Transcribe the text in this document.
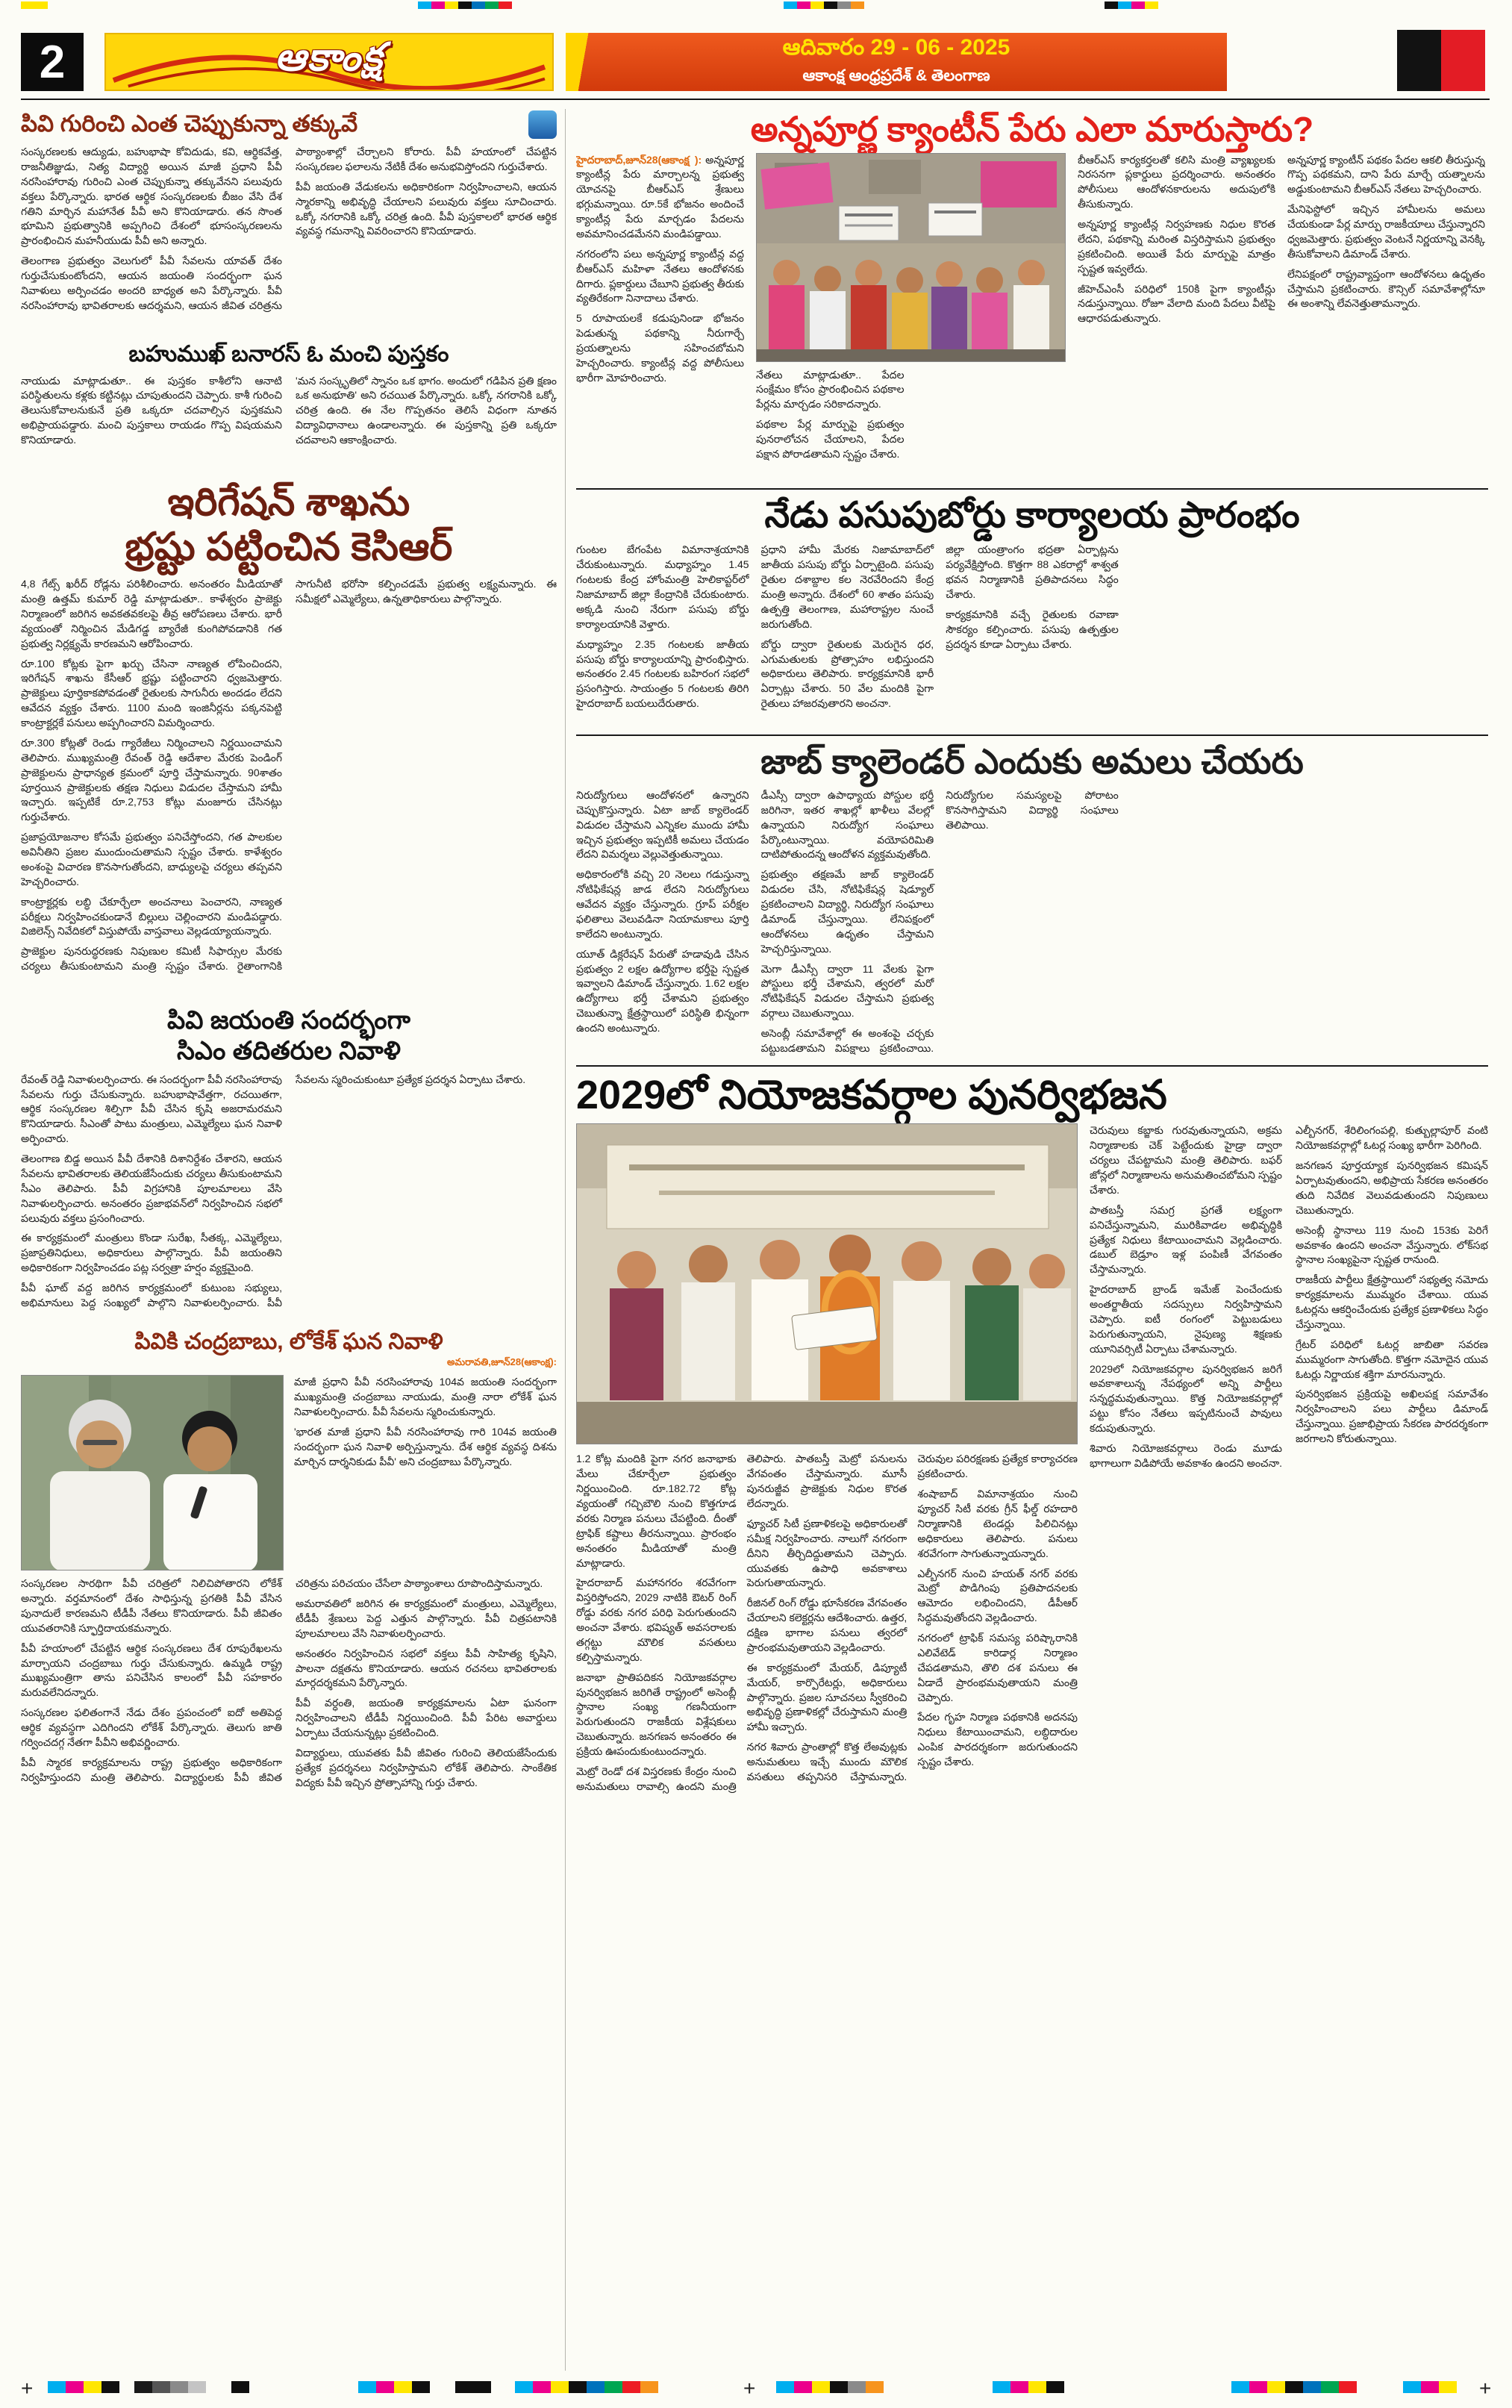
2	ఆకాంక్ష	ఆదివారం 29 - 06 - 2025
ఆకాంక్ష ఆంధ్రప్రదేశ్ & తెలంగాణ
పివి గురించి ఎంత చెప్పుకున్నా తక్కువే

సంస్కరణలకు ఆద్యుడు, బహుభాషా కోవిదుడు, కవి, ఆర్థికవేత్త, రాజనీతిజ్ఞుడు, నిత్య విద్యార్థి అయిన మాజీ ప్రధాని పీవీ నరసింహారావు గురించి ఎంత చెప్పుకున్నా తక్కువేనని పలువురు వక్తలు పేర్కొన్నారు. భారత ఆర్థిక సంస్కరణలకు బీజం వేసి దేశ గతిని మార్చిన మహానేత పీవీ అని కొనియాడారు. తన సొంత భూమిని ప్రభుత్వానికి అప్పగించి దేశంలో భూసంస్కరణలను ప్రారంభించిన మహనీయుడు పీవీ అని అన్నారు.

తెలంగాణ ప్రభుత్వం వెలుగులో పీవీ సేవలను యావత్ దేశం గుర్తుచేసుకుంటోందని, ఆయన జయంతి సందర్భంగా ఘన నివాళులు అర్పించడం అందరి బాధ్యత అని పేర్కొన్నారు. పీవీ నరసింహారావు భావితరాలకు ఆదర్శమని, ఆయన జీవిత చరిత్రను పాఠ్యాంశాల్లో చేర్చాలని కోరారు. పీవీ హయాంలో చేపట్టిన సంస్కరణల ఫలాలను నేటికీ దేశం అనుభవిస్తోందని గుర్తుచేశారు.

పీవీ జయంతి వేడుకలను అధికారికంగా నిర్వహించాలని, ఆయన స్మారకాన్ని అభివృద్ధి చేయాలని పలువురు వక్తలు సూచించారు. ఒక్కో నగరానికి ఒక్కో చరిత్ర ఉంది. పీవీ పుస్తకాలలో భారత ఆర్థిక వ్యవస్థ గమనాన్ని వివరించారని కొనియాడారు.

బహుముఖ్ బనారస్ ఓ మంచి పుస్తకం

నాయుడు మాట్లాడుతూ.. ఈ పుస్తకం కాశీలోని ఆనాటి పరిస్థితులను కళ్లకు కట్టినట్లు చూపుతుందని చెప్పారు. కాశీ గురించి తెలుసుకోవాలనుకునే ప్రతి ఒక్కరూ చదవాల్సిన పుస్తకమని అభిప్రాయపడ్డారు. మంచి పుస్తకాలు రాయడం గొప్ప విషయమని కొనియాడారు.

'మన సంస్కృతిలో స్నానం ఒక భాగం. అందులో గడిపిన ప్రతి క్షణం ఒక అనుభూతి' అని రచయిత పేర్కొన్నారు. ఒక్కో నగరానికి ఒక్కో చరిత్ర ఉంది. ఈ నేల గొప్పతనం తెలిసే విధంగా నూతన విద్యావిధానాలు ఉండాలన్నారు. ఈ పుస్తకాన్ని ప్రతి ఒక్కరూ చదవాలని ఆకాంక్షించారు.

ఇరిగేషన్ శాఖను
భ్రష్టు పట్టించిన కెసిఆర్

4,8 గేట్స్ ఖరీద్ రోడ్లను పరిశీలించారు. అనంతరం మీడియాతో మంత్రి ఉత్తమ్ కుమార్ రెడ్డి మాట్లాడుతూ.. కాళేశ్వరం ప్రాజెక్టు నిర్మాణంలో జరిగిన అవకతవకలపై తీవ్ర ఆరోపణలు చేశారు. భారీ వ్యయంతో నిర్మించిన మేడిగడ్డ బ్యారేజీ కుంగిపోవడానికి గత ప్రభుత్వ నిర్లక్ష్యమే కారణమని ఆరోపించారు.

రూ.100 కోట్లకు పైగా ఖర్చు చేసినా నాణ్యత లోపించిందని, ఇరిగేషన్ శాఖను కేసీఆర్ భ్రష్టు పట్టించారని ధ్వజమెత్తారు. ప్రాజెక్టులు పూర్తికాకపోవడంతో రైతులకు సాగునీరు అందడం లేదని ఆవేదన వ్యక్తం చేశారు. 1100 మంది ఇంజినీర్లను పక్కనపెట్టి కాంట్రాక్టర్లకే పనులు అప్పగించారని విమర్శించారు.

రూ.300 కోట్లతో రెండు గ్యారేజీలు నిర్మించాలని నిర్ణయించామని తెలిపారు. ముఖ్యమంత్రి రేవంత్ రెడ్డి ఆదేశాల మేరకు పెండింగ్ ప్రాజెక్టులను ప్రాధాన్యత క్రమంలో పూర్తి చేస్తామన్నారు. 90శాతం పూర్తయిన ప్రాజెక్టులకు తక్షణ నిధులు విడుదల చేస్తామని హామీ ఇచ్చారు. ఇప్పటికే రూ.2,753 కోట్లు మంజూరు చేసినట్లు గుర్తుచేశారు.

ప్రజాప్రయోజనాల కోసమే ప్రభుత్వం పనిచేస్తోందని, గత పాలకుల అవినీతిని ప్రజల ముందుంచుతామని స్పష్టం చేశారు. కాళేశ్వరం అంశంపై విచారణ కొనసాగుతోందని, బాధ్యులపై చర్యలు తప్పవని హెచ్చరించారు.

కాంట్రాక్టర్లకు లబ్ధి చేకూర్చేలా అంచనాలు పెంచారని, నాణ్యత పరీక్షలు నిర్వహించకుండానే బిల్లులు చెల్లించారని మండిపడ్డారు. విజిలెన్స్ నివేదికలో విస్తుపోయే వాస్తవాలు వెల్లడయ్యాయన్నారు.

ప్రాజెక్టుల పునరుద్ధరణకు నిపుణుల కమిటీ సిఫార్సుల మేరకు చర్యలు తీసుకుంటామని మంత్రి స్పష్టం చేశారు. రైతాంగానికి సాగునీటి భరోసా కల్పించడమే ప్రభుత్వ లక్ష్యమన్నారు. ఈ సమీక్షలో ఎమ్మెల్యేలు, ఉన్నతాధికారులు పాల్గొన్నారు.

పివి జయంతి సందర్భంగా
సిఎం తదితరుల నివాళి

రేవంత్ రెడ్డి నివాళులర్పించారు. ఈ సందర్భంగా పీవీ నరసింహారావు సేవలను గుర్తు చేసుకున్నారు. బహుభాషావేత్తగా, రచయితగా, ఆర్థిక సంస్కరణల శిల్పిగా పీవీ చేసిన కృషి అజరామరమని కొనియాడారు. సీఎంతో పాటు మంత్రులు, ఎమ్మెల్యేలు ఘన నివాళి అర్పించారు.

తెలంగాణ బిడ్డ అయిన పీవీ దేశానికి దిశానిర్దేశం చేశారని, ఆయన సేవలను భావితరాలకు తెలియజేసేందుకు చర్యలు తీసుకుంటామని సీఎం తెలిపారు. పీవీ విగ్రహానికి పూలమాలలు వేసి నివాళులర్పించారు. అనంతరం ప్రజాభవన్‌లో నిర్వహించిన సభలో పలువురు వక్తలు ప్రసంగించారు.

ఈ కార్యక్రమంలో మంత్రులు కొండా సురేఖ, సీతక్క, ఎమ్మెల్యేలు, ప్రజాప్రతినిధులు, అధికారులు పాల్గొన్నారు. పీవీ జయంతిని అధికారికంగా నిర్వహించడం పట్ల సర్వత్రా హర్షం వ్యక్తమైంది.

పీవీ ఘాట్ వద్ద జరిగిన కార్యక్రమంలో కుటుంబ సభ్యులు, అభిమానులు పెద్ద సంఖ్యలో పాల్గొని నివాళులర్పించారు. పీవీ సేవలను స్మరించుకుంటూ ప్రత్యేక ప్రదర్శన ఏర్పాటు చేశారు.

పివికి చంద్రబాబు, లోకేశ్ ఘన నివాళి
అమరావతి,జూన్28(ఆకాంక్ష):

మాజీ ప్రధాని పీవీ నరసింహారావు 104వ జయంతి సందర్భంగా ముఖ్యమంత్రి చంద్రబాబు నాయుడు, మంత్రి నారా లోకేశ్ ఘన నివాళులర్పించారు. పీవీ సేవలను స్మరించుకున్నారు.

'భారత మాజీ ప్రధాని పీవీ నరసింహారావు గారి 104వ జయంతి సందర్భంగా ఘన నివాళి అర్పిస్తున్నాను. దేశ ఆర్థిక వ్యవస్థ దిశను మార్చిన దార్శనికుడు పీవీ' అని చంద్రబాబు పేర్కొన్నారు.

సంస్కరణల సారథిగా పీవీ చరిత్రలో నిలిచిపోతారని లోకేశ్ అన్నారు. వర్తమానంలో దేశం సాధిస్తున్న ప్రగతికి పీవీ వేసిన పునాదులే కారణమని టీడీపీ నేతలు కొనియాడారు. పీవీ జీవితం యువతరానికి స్ఫూర్తిదాయకమన్నారు.

పీవీ హయాంలో చేపట్టిన ఆర్థిక సంస్కరణలు దేశ రూపురేఖలను మార్చాయని చంద్రబాబు గుర్తు చేసుకున్నారు. ఉమ్మడి రాష్ట్ర ముఖ్యమంత్రిగా తాను పనిచేసిన కాలంలో పీవీ సహకారం మరువలేనిదన్నారు.

సంస్కరణల ఫలితంగానే నేడు దేశం ప్రపంచంలో ఐదో అతిపెద్ద ఆర్థిక వ్యవస్థగా ఎదిగిందని లోకేశ్ పేర్కొన్నారు. తెలుగు జాతి గర్వించదగ్గ నేతగా పీవీని అభివర్ణించారు.

పీవీ స్మారక కార్యక్రమాలను రాష్ట్ర ప్రభుత్వం అధికారికంగా నిర్వహిస్తుందని మంత్రి తెలిపారు. విద్యార్థులకు పీవీ జీవిత చరిత్రను పరిచయం చేసేలా పాఠ్యాంశాలు రూపొందిస్తామన్నారు.

అమరావతిలో జరిగిన ఈ కార్యక్రమంలో మంత్రులు, ఎమ్మెల్యేలు, టీడీపీ శ్రేణులు పెద్ద ఎత్తున పాల్గొన్నారు. పీవీ చిత్రపటానికి పూలమాలలు వేసి నివాళులర్పించారు.

అనంతరం నిర్వహించిన సభలో వక్తలు పీవీ సాహిత్య కృషిని, పాలనా దక్షతను కొనియాడారు. ఆయన రచనలు భావితరాలకు మార్గదర్శకమని పేర్కొన్నారు.

పీవీ వర్ధంతి, జయంతి కార్యక్రమాలను ఏటా ఘనంగా నిర్వహించాలని టీడీపీ నిర్ణయించింది. పీవీ పేరిట అవార్డులు ఏర్పాటు చేయనున్నట్లు ప్రకటించింది.

విద్యార్థులు, యువతకు పీవీ జీవితం గురించి తెలియజేసేందుకు ప్రత్యేక ప్రదర్శనలు నిర్వహిస్తామని లోకేశ్ తెలిపారు. సాంకేతిక విద్యకు పీవీ ఇచ్చిన ప్రోత్సాహాన్ని గుర్తు చేశారు.

అన్నపూర్ణ క్యాంటీన్ పేరు ఎలా మారుస్తారు?

హైదరాబాద్,జూన్28(ఆకాంక్ష ): అన్నపూర్ణ క్యాంటీన్ల పేరు మార్చాలన్న ప్రభుత్వ యోచనపై బీఆర్ఎస్ శ్రేణులు భగ్గుమన్నాయి. రూ.5కే భోజనం అందించే క్యాంటీన్ల పేరు మార్చడం పేదలను అవమానించడమేనని మండిపడ్డాయి.

నగరంలోని పలు అన్నపూర్ణ క్యాంటీన్ల వద్ద బీఆర్ఎస్ మహిళా నేతలు ఆందోళనకు దిగారు. ప్లకార్డులు చేబూని ప్రభుత్వ తీరుకు వ్యతిరేకంగా నినాదాలు చేశారు.

5 రూపాయలకే కడుపునిండా భోజనం పెడుతున్న పథకాన్ని నీరుగార్చే ప్రయత్నాలను సహించబోమని హెచ్చరించారు. క్యాంటీన్ల వద్ద పోలీసులు భారీగా మోహరించారు.	నేతలు మాట్లాడుతూ.. పేదల సంక్షేమం కోసం ప్రారంభించిన పథకాల పేర్లను మార్చడం సరికాదన్నారు.

పథకాల పేర్ల మార్పుపై ప్రభుత్వం పునరాలోచన చేయాలని, పేదల పక్షాన పోరాడతామని స్పష్టం చేశారు.

బీఆర్ఎస్ కార్యకర్తలతో కలిసి మంత్రి వ్యాఖ్యలకు నిరసనగా ప్లకార్డులు ప్రదర్శించారు. అనంతరం పోలీసులు ఆందోళనకారులను అదుపులోకి తీసుకున్నారు.

అన్నపూర్ణ క్యాంటీన్ల నిర్వహణకు నిధుల కొరత లేదని, పథకాన్ని మరింత విస్తరిస్తామని ప్రభుత్వం ప్రకటించింది. అయితే పేరు మార్పుపై మాత్రం స్పష్టత ఇవ్వలేదు.

జీహెచ్ఎంసీ పరిధిలో 150కి పైగా క్యాంటీన్లు నడుస్తున్నాయి. రోజూ వేలాది మంది పేదలు వీటిపై ఆధారపడుతున్నారు.

అన్నపూర్ణ క్యాంటీన్ పథకం పేదల ఆకలి తీరుస్తున్న గొప్ప పథకమని, దాని పేరు మార్చే యత్నాలను అడ్డుకుంటామని బీఆర్ఎస్ నేతలు హెచ్చరించారు.

మేనిఫెస్టోలో ఇచ్చిన హామీలను అమలు చేయకుండా పేర్ల మార్పు రాజకీయాలు చేస్తున్నారని ధ్వజమెత్తారు. ప్రభుత్వం వెంటనే నిర్ణయాన్ని వెనక్కి తీసుకోవాలని డిమాండ్ చేశారు.

లేనిపక్షంలో రాష్ట్రవ్యాప్తంగా ఆందోళనలు ఉధృతం చేస్తామని ప్రకటించారు. కౌన్సిల్ సమావేశాల్లోనూ ఈ అంశాన్ని లేవనెత్తుతామన్నారు.

నేడు పసుపుబోర్డు కార్యాలయ ప్రారంభం

గుంటల బేగంపేట విమానాశ్రయానికి చేరుకుంటున్నారు. మధ్యాహ్నం 1.45 గంటలకు కేంద్ర హోంమంత్రి హెలికాప్టర్‌లో నిజామాబాద్ జిల్లా కేంద్రానికి చేరుకుంటారు. అక్కడి నుంచి నేరుగా పసుపు బోర్డు కార్యాలయానికి వెళ్తారు.

మధ్యాహ్నం 2.35 గంటలకు జాతీయ పసుపు బోర్డు కార్యాలయాన్ని ప్రారంభిస్తారు. అనంతరం 2.45 గంటలకు బహిరంగ సభలో ప్రసంగిస్తారు. సాయంత్రం 5 గంటలకు తిరిగి హైదరాబాద్ బయలుదేరుతారు.

ప్రధాని హామీ మేరకు నిజామాబాద్‌లో జాతీయ పసుపు బోర్డు ఏర్పాటైంది. పసుపు రైతుల దశాబ్దాల కల నెరవేరిందని కేంద్ర మంత్రి అన్నారు. దేశంలో 60 శాతం పసుపు ఉత్పత్తి తెలంగాణ, మహారాష్ట్రల నుంచే జరుగుతోంది.

బోర్డు ద్వారా రైతులకు మెరుగైన ధర, ఎగుమతులకు ప్రోత్సాహం లభిస్తుందని అధికారులు తెలిపారు. కార్యక్రమానికి భారీ ఏర్పాట్లు చేశారు. 50 వేల మందికి పైగా రైతులు హాజరవుతారని అంచనా.

జిల్లా యంత్రాంగం భద్రతా ఏర్పాట్లను పర్యవేక్షిస్తోంది. కొత్తగా 88 ఎకరాల్లో శాశ్వత భవన నిర్మాణానికి ప్రతిపాదనలు సిద్ధం చేశారు.

కార్యక్రమానికి వచ్చే రైతులకు రవాణా సౌకర్యం కల్పించారు. పసుపు ఉత్పత్తుల ప్రదర్శన కూడా ఏర్పాటు చేశారు.

జాబ్ క్యాలెండర్ ఎందుకు అమలు చేయరు

నిరుద్యోగులు ఆందోళనలో ఉన్నారని చెప్పుకొస్తున్నారు. ఏటా జాబ్ క్యాలెండర్ విడుదల చేస్తామని ఎన్నికల ముందు హామీ ఇచ్చిన ప్రభుత్వం ఇప్పటికీ అమలు చేయడం లేదని విమర్శలు వెల్లువెత్తుతున్నాయి.

అధికారంలోకి వచ్చి 20 నెలలు గడుస్తున్నా నోటిఫికేషన్ల జాడ లేదని నిరుద్యోగులు ఆవేదన వ్యక్తం చేస్తున్నారు. గ్రూప్ పరీక్షల ఫలితాలు వెలువడినా నియామకాలు పూర్తి కాలేదని అంటున్నారు.

యూత్ డిక్లరేషన్ పేరుతో హడావుడి చేసిన ప్రభుత్వం 2 లక్షల ఉద్యోగాల భర్తీపై స్పష్టత ఇవ్వాలని డిమాండ్ చేస్తున్నారు. 1.62 లక్షల ఉద్యోగాలు భర్తీ చేశామని ప్రభుత్వం చెబుతున్నా క్షేత్రస్థాయిలో పరిస్థితి భిన్నంగా ఉందని అంటున్నారు.

డీఎస్సీ ద్వారా ఉపాధ్యాయ పోస్టుల భర్తీ జరిగినా, ఇతర శాఖల్లో ఖాళీలు వేలల్లో ఉన్నాయని నిరుద్యోగ సంఘాలు పేర్కొంటున్నాయి. వయోపరిమితి దాటిపోతుందన్న ఆందోళన వ్యక్తమవుతోంది.

ప్రభుత్వం తక్షణమే జాబ్ క్యాలెండర్ విడుదల చేసి, నోటిఫికేషన్ల షెడ్యూల్ ప్రకటించాలని విద్యార్థి, నిరుద్యోగ సంఘాలు డిమాండ్ చేస్తున్నాయి. లేనిపక్షంలో ఆందోళనలు ఉధృతం చేస్తామని హెచ్చరిస్తున్నాయి.

మెగా డీఎస్సీ ద్వారా 11 వేలకు పైగా పోస్టులు భర్తీ చేశామని, త్వరలో మరో నోటిఫికేషన్ విడుదల చేస్తామని ప్రభుత్వ వర్గాలు చెబుతున్నాయి.

అసెంబ్లీ సమావేశాల్లో ఈ అంశంపై చర్చకు పట్టుబడతామని విపక్షాలు ప్రకటించాయి. నిరుద్యోగుల సమస్యలపై పోరాటం కొనసాగిస్తామని విద్యార్థి సంఘాలు తెలిపాయి.

2029లో నియోజకవర్గాల పునర్విభజన

1.2 కోట్ల మందికి పైగా నగర జనాభాకు మేలు చేకూర్చేలా ప్రభుత్వం నిర్ణయించింది. రూ.182.72 కోట్ల వ్యయంతో గచ్చిబౌలి నుంచి కొత్తగూడ వరకు నిర్మాణ పనులు చేపట్టింది. దీంతో ట్రాఫిక్ కష్టాలు తీరనున్నాయి. ప్రారంభం అనంతరం మీడియాతో మంత్రి మాట్లాడారు.

హైదరాబాద్ మహానగరం శరవేగంగా విస్తరిస్తోందని, 2029 నాటికి ఔటర్ రింగ్ రోడ్డు వరకు నగర పరిధి పెరుగుతుందని అంచనా వేశారు. భవిష్యత్ అవసరాలకు తగ్గట్టు మౌలిక వసతులు కల్పిస్తామన్నారు.

జనాభా ప్రాతిపదికన నియోజకవర్గాల పునర్విభజన జరిగితే రాష్ట్రంలో అసెంబ్లీ స్థానాల సంఖ్య గణనీయంగా పెరుగుతుందని రాజకీయ విశ్లేషకులు చెబుతున్నారు. జనగణన అనంతరం ఈ ప్రక్రియ ఊపందుకుంటుందన్నారు.

మెట్రో రెండో దశ విస్తరణకు కేంద్రం నుంచి అనుమతులు రావాల్సి ఉందని మంత్రి తెలిపారు. పాతబస్తీ మెట్రో పనులను వేగవంతం చేస్తామన్నారు. మూసీ పునరుజ్జీవ ప్రాజెక్టుకు నిధుల కొరత లేదన్నారు.

ఫ్యూచర్ సిటీ ప్రణాళికలపై అధికారులతో సమీక్ష నిర్వహించారు. నాలుగో నగరంగా దీనిని తీర్చిదిద్దుతామని చెప్పారు. యువతకు ఉపాధి అవకాశాలు పెరుగుతాయన్నారు.

రీజినల్ రింగ్ రోడ్డు భూసేకరణ వేగవంతం చేయాలని కలెక్టర్లను ఆదేశించారు. ఉత్తర, దక్షిణ భాగాల పనులు త్వరలో ప్రారంభమవుతాయని వెల్లడించారు.

ఈ కార్యక్రమంలో మేయర్, డిప్యూటీ మేయర్, కార్పొరేటర్లు, అధికారులు పాల్గొన్నారు. ప్రజల సూచనలు స్వీకరించి అభివృద్ధి ప్రణాళికల్లో చేరుస్తామని మంత్రి హామీ ఇచ్చారు.

నగర శివారు ప్రాంతాల్లో కొత్త లేఅవుట్లకు అనుమతులు ఇచ్చే ముందు మౌలిక వసతులు తప్పనిసరి చేస్తామన్నారు. చెరువుల పరిరక్షణకు ప్రత్యేక కార్యాచరణ ప్రకటించారు.

శంషాబాద్ విమానాశ్రయం నుంచి ఫ్యూచర్ సిటీ వరకు గ్రీన్ ఫీల్డ్ రహదారి నిర్మాణానికి టెండర్లు పిలిచినట్లు అధికారులు తెలిపారు. పనులు శరవేగంగా సాగుతున్నాయన్నారు.

ఎల్బీనగర్ నుంచి హయత్ నగర్ వరకు మెట్రో పొడిగింపు ప్రతిపాదనలకు ఆమోదం లభించిందని, డీపీఆర్ సిద్ధమవుతోందని వెల్లడించారు.

నగరంలో ట్రాఫిక్ సమస్య పరిష్కారానికి ఎలివేటెడ్ కారిడార్ల నిర్మాణం చేపడతామని, తొలి దశ పనులు ఈ ఏడాదే ప్రారంభమవుతాయని మంత్రి చెప్పారు.

పేదల గృహ నిర్మాణ పథకానికి అదనపు నిధులు కేటాయించామని, లబ్ధిదారుల ఎంపిక పారదర్శకంగా జరుగుతుందని స్పష్టం చేశారు.

చెరువులు కబ్జాకు గురవుతున్నాయని, అక్రమ నిర్మాణాలకు చెక్ పెట్టేందుకు హైడ్రా ద్వారా చర్యలు చేపట్టామని మంత్రి తెలిపారు. బఫర్ జోన్లలో నిర్మాణాలను అనుమతించబోమని స్పష్టం చేశారు.

పాతబస్తీ సమగ్ర ప్రగతే లక్ష్యంగా పనిచేస్తున్నామని, మురికివాడల అభివృద్ధికి ప్రత్యేక నిధులు కేటాయించామని వెల్లడించారు. డబుల్ బెడ్రూం ఇళ్ల పంపిణీ వేగవంతం చేస్తామన్నారు.

హైదరాబాద్ బ్రాండ్ ఇమేజ్ పెంచేందుకు అంతర్జాతీయ సదస్సులు నిర్వహిస్తామని చెప్పారు. ఐటీ రంగంలో పెట్టుబడులు పెరుగుతున్నాయని, నైపుణ్య శిక్షణకు యూనివర్సిటీ ఏర్పాటు చేశామన్నారు.

2029లో నియోజకవర్గాల పునర్విభజన జరిగే అవకాశాలున్న నేపథ్యంలో అన్ని పార్టీలు సన్నద్ధమవుతున్నాయి. కొత్త నియోజకవర్గాల్లో పట్టు కోసం నేతలు ఇప్పటినుంచే పావులు కదుపుతున్నారు.

శివారు నియోజకవర్గాలు రెండు మూడు భాగాలుగా విడిపోయే అవకాశం ఉందని అంచనా. ఎల్బీనగర్, శేరిలింగంపల్లి, కుత్బుల్లాపూర్ వంటి నియోజకవర్గాల్లో ఓటర్ల సంఖ్య భారీగా పెరిగింది.

జనగణన పూర్తయ్యాక పునర్విభజన కమిషన్ ఏర్పాటవుతుందని, అభిప్రాయ సేకరణ అనంతరం తుది నివేదిక వెలువడుతుందని నిపుణులు చెబుతున్నారు.

అసెంబ్లీ స్థానాలు 119 నుంచి 153కు పెరిగే అవకాశం ఉందని అంచనా వేస్తున్నారు. లోక్‌సభ స్థానాల సంఖ్యపైనా స్పష్టత రానుంది.

రాజకీయ పార్టీలు క్షేత్రస్థాయిలో సభ్యత్వ నమోదు కార్యక్రమాలను ముమ్మరం చేశాయి. యువ ఓటర్లను ఆకర్షించేందుకు ప్రత్యేక ప్రణాళికలు సిద్ధం చేస్తున్నాయి.

గ్రేటర్ పరిధిలో ఓటర్ల జాబితా సవరణ ముమ్మరంగా సాగుతోంది. కొత్తగా నమోదైన యువ ఓటర్లు నిర్ణాయక శక్తిగా మారనున్నారు.

పునర్విభజన ప్రక్రియపై అఖిలపక్ష సమావేశం నిర్వహించాలని పలు పార్టీలు డిమాండ్ చేస్తున్నాయి. ప్రజాభిప్రాయ సేకరణ పారదర్శకంగా జరగాలని కోరుతున్నాయి.

+	+	+
